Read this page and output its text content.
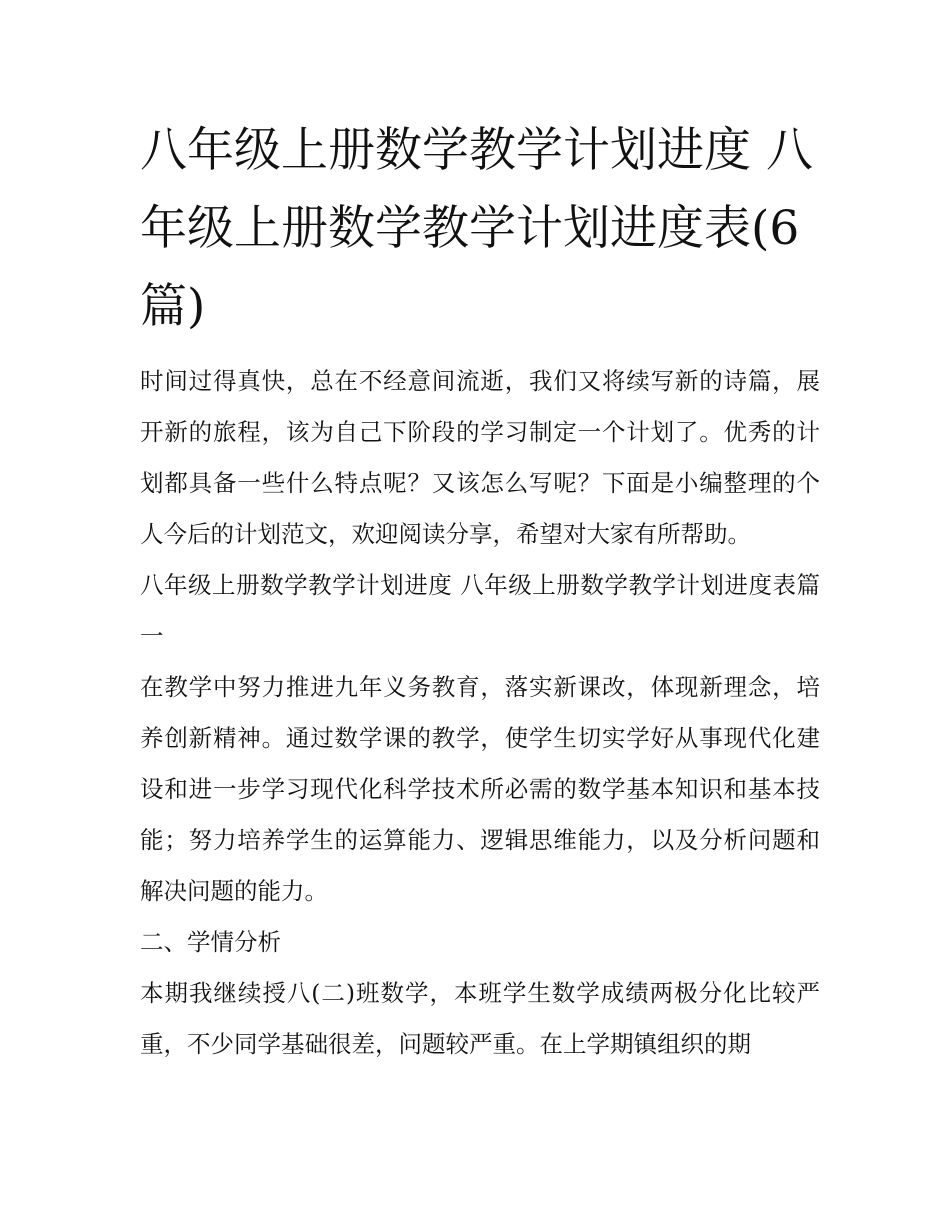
八年级上册数学教学计划进度 八年级上册数学教学计划进度表(6篇)

时间过得真快，总在不经意间流逝，我们又将续写新的诗篇，展开新的旅程，该为自己下阶段的学习制定一个计划了。优秀的计划都具备一些什么特点呢？又该怎么写呢？下面是小编整理的个人今后的计划范文，欢迎阅读分享，希望对大家有所帮助。

八年级上册数学教学计划进度 八年级上册数学教学计划进度表篇一

在教学中努力推进九年义务教育，落实新课改，体现新理念，培养创新精神。通过数学课的教学，使学生切实学好从事现代化建设和进一步学习现代化科学技术所必需的数学基本知识和基本技能；努力培养学生的运算能力、逻辑思维能力，以及分析问题和解决问题的能力。

二、学情分析

本期我继续授八(二)班数学，本班学生数学成绩两极分化比较严重，不少同学基础很差，问题较严重。在上学期镇组织的期
